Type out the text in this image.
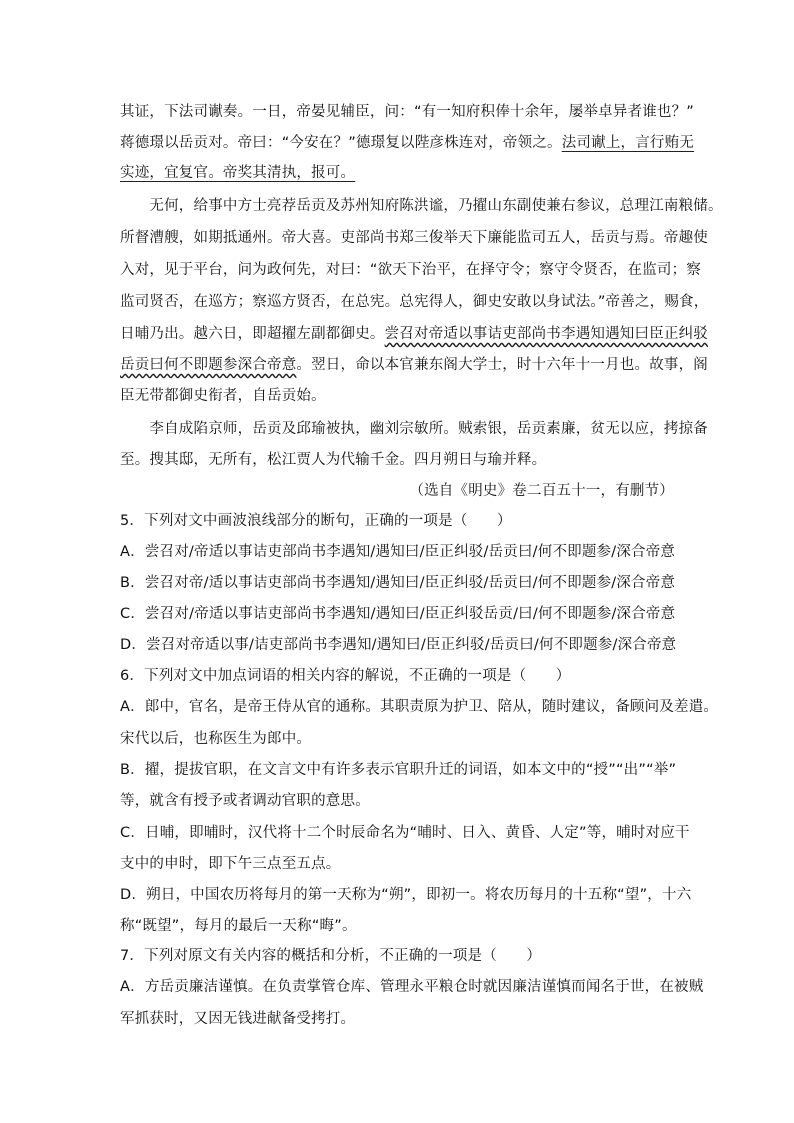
其证，下法司谳奏。一日，帝晏见辅臣，问：“有一知府积俸十余年，屡举卓异者谁也？”
蒋德璟以岳贡对。帝曰：“今安在？”德璟复以陛彦株连对，帝领之。法司谳上，言行贿无
实迹，宜复官。帝奖其清执，报可。
　　无何，给事中方士亮荐岳贡及苏州知府陈洪谧，乃擢山东副使兼右参议，总理江南粮储。
所督漕艘，如期抵通州。帝大喜。吏部尚书郑三俊举天下廉能监司五人，岳贡与焉。帝趣使
入对，见于平台，问为政何先，对曰：“欲天下治平，在择守令；察守令贤否，在监司；察
监司贤否，在巡方；察巡方贤否，在总宪。总宪得人，御史安敢以身试法。”帝善之，赐食，
日晡乃出。越六日，即超擢左副都御史。尝召对帝适以事诘吏部尚书李遇知遇知曰臣正纠驳
岳贡曰何不即题参深合帝意。翌日，命以本官兼东阁大学士，时十六年十一月也。故事，阁
臣无带都御史衔者，自岳贡始。
　　李自成陷京师，岳贡及邱瑜被执，幽刘宗敏所。贼索银，岳贡素廉，贫无以应，拷掠备
至。搜其邸，无所有，松江贾人为代输千金。四月朔日与瑜并释。
（选自《明史》卷二百五十一，有删节）
5．下列对文中画波浪线部分的断句，正确的一项是（　　）
A．尝召对/帝适以事诘吏部尚书李遇知/遇知曰/臣正纠驳/岳贡曰/何不即题参/深合帝意
B．尝召对帝/适以事诘吏部尚书李遇知/遇知曰/臣正纠驳/岳贡曰/何不即题参/深合帝意
C．尝召对/帝适以事诘吏部尚书李遇知/遇知曰/臣正纠驳岳贡/曰/何不即题参/深合帝意
D．尝召对帝适以事/诘吏部尚书李遇知/遇知曰/臣正纠驳/岳贡曰/何不即题参/深合帝意
6．下列对文中加点词语的相关内容的解说，不正确的一项是（　　）
A．郎中，官名，是帝王侍从官的通称。其职责原为护卫、陪从，随时建议，备顾问及差遣。
宋代以后，也称医生为郎中。
B．擢，提拔官职，在文言文中有许多表示官职升迁的词语，如本文中的“授”“出”“举”
等，就含有授予或者调动官职的意思。
C．日晡，即晡时，汉代将十二个时辰命名为“晡时、日入、黄昏、人定”等，晡时对应干
支中的申时，即下午三点至五点。
D．朔日，中国农历将每月的第一天称为“朔”，即初一。将农历每月的十五称“望”，十六
称“既望”，每月的最后一天称“晦”。
7．下列对原文有关内容的概括和分析，不正确的一项是（　　）
A．方岳贡廉洁谨慎。在负责掌管仓库、管理永平粮仓时就因廉洁谨慎而闻名于世，在被贼
军抓获时，又因无钱进献备受拷打。
